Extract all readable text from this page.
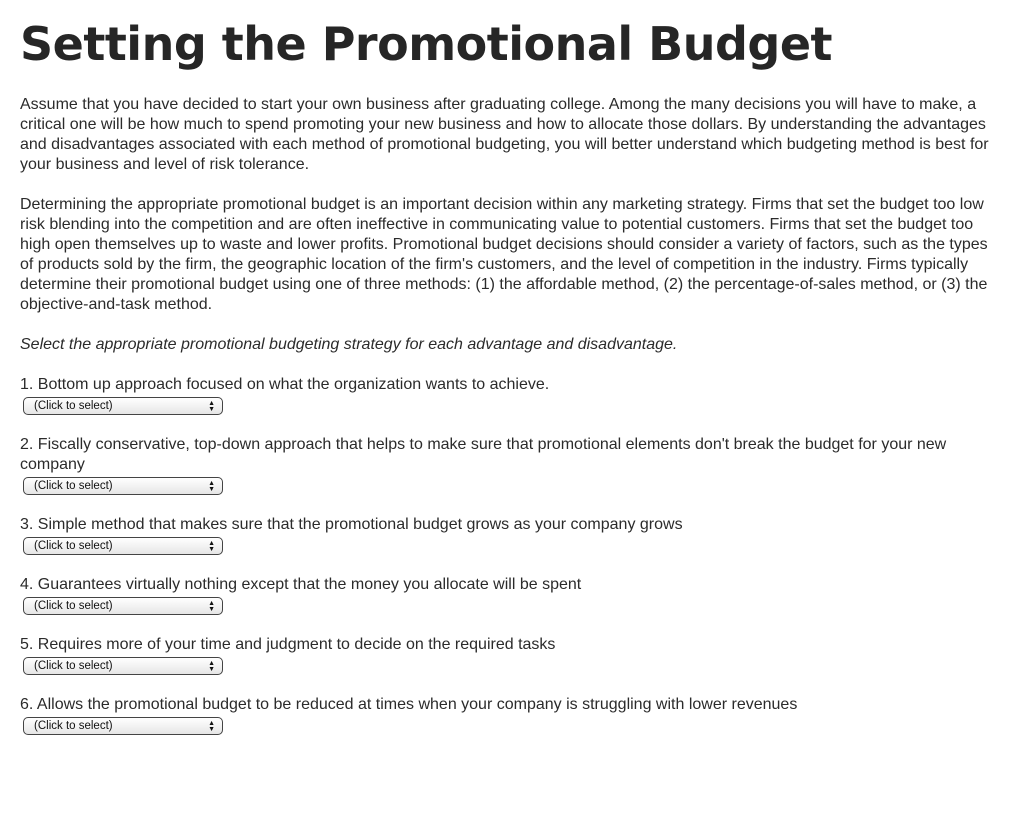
Setting the Promotional Budget

Assume that you have decided to start your own business after graduating college. Among the many decisions you will have to make, a critical one will be how much to spend promoting your new business and how to allocate those dollars. By understanding the advantages and disadvantages associated with each method of promotional budgeting, you will better understand which budgeting method is best for your business and level of risk tolerance.

Determining the appropriate promotional budget is an important decision within any marketing strategy. Firms that set the budget too low risk blending into the competition and are often ineffective in communicating value to potential customers. Firms that set the budget too high open themselves up to waste and lower profits. Promotional budget decisions should consider a variety of factors, such as the types of products sold by the firm, the geographic location of the firm's customers, and the level of competition in the industry. Firms typically determine their promotional budget using one of three methods: (1) the affordable method, (2) the percentage-of-sales method, or (3) the objective-and-task method.

Select the appropriate promotional budgeting strategy for each advantage and disadvantage.

1. Bottom up approach focused on what the organization wants to achieve.

(Click to select)	▲
▼

2. Fiscally conservative, top-down approach that helps to make sure that promotional elements don't break the budget for your new company

(Click to select)	▲
▼

3. Simple method that makes sure that the promotional budget grows as your company grows

(Click to select)	▲
▼

4. Guarantees virtually nothing except that the money you allocate will be spent

(Click to select)	▲
▼

5. Requires more of your time and judgment to decide on the required tasks

(Click to select)	▲
▼

6. Allows the promotional budget to be reduced at times when your company is struggling with lower revenues

(Click to select)	▲
▼
